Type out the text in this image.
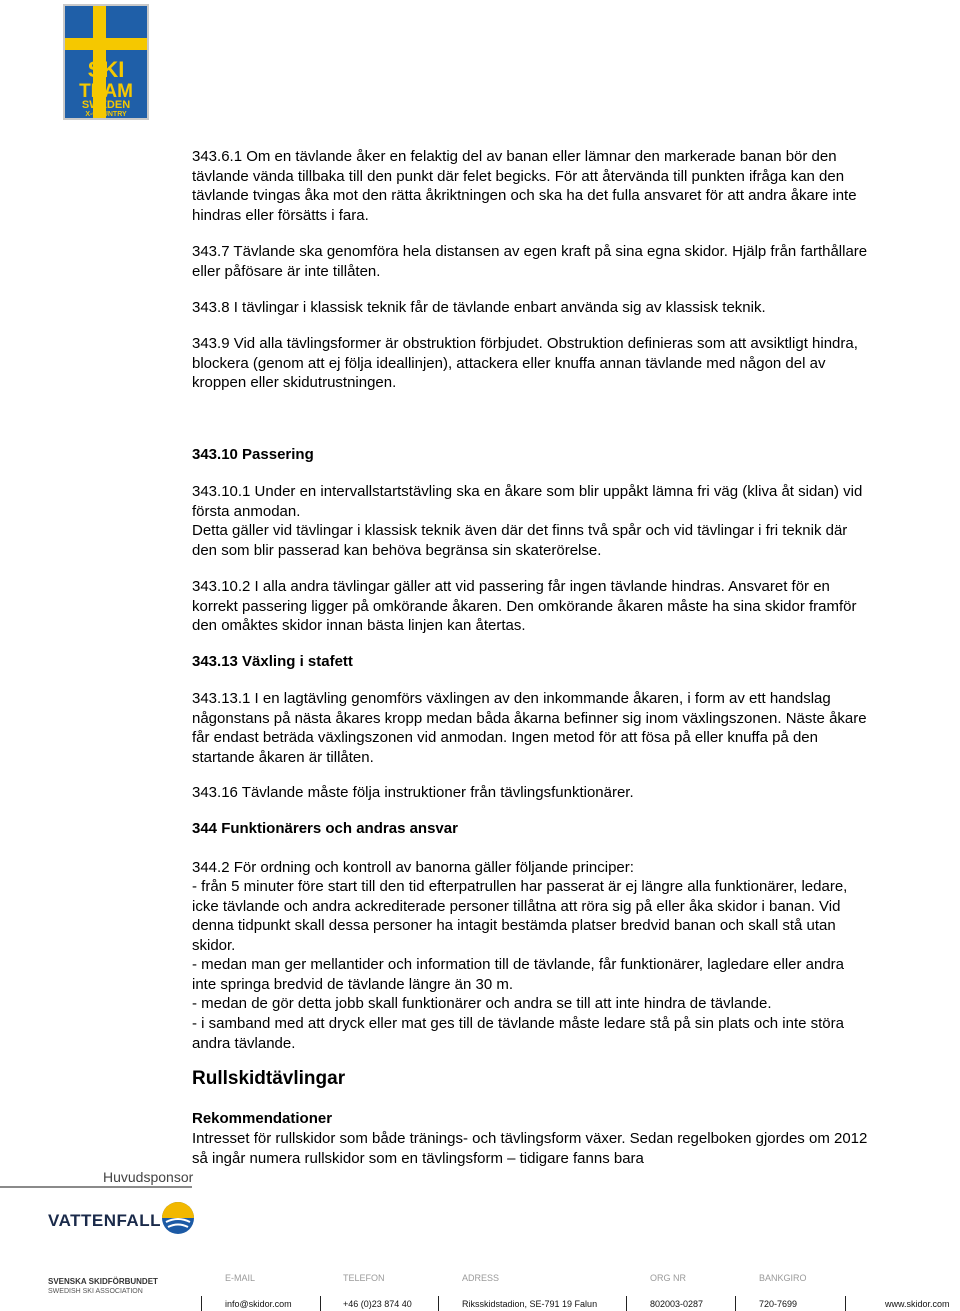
SKI
TEAM
SWEDEN
X-COUNTRY

343.6.1 Om en tävlande åker en felaktig del av banan eller lämnar den markerade banan bör den tävlande vända tillbaka till den punkt där felet begicks. För att återvända till punkten ifråga kan den tävlande tvingas åka mot den rätta åkriktningen och ska ha det fulla ansvaret för att andra åkare inte hindras eller försätts i fara.

343.7 Tävlande ska genomföra hela distansen av egen kraft på sina egna skidor. Hjälp från farthållare eller påfösare är inte tillåten.

343.8 I tävlingar i klassisk teknik får de tävlande enbart använda sig av klassisk teknik.

343.9 Vid alla tävlingsformer är obstruktion förbjudet. Obstruktion definieras som att avsiktligt hindra, blockera (genom att ej följa ideallinjen), attackera eller knuffa annan tävlande med någon del av kroppen eller skidutrustningen.

343.10 Passering

343.10.1 Under en intervallstartstävling ska en åkare som blir uppåkt lämna fri väg (kliva åt sidan) vid första anmodan.

Detta gäller vid tävlingar i klassisk teknik även där det finns två spår och vid tävlingar i fri teknik där den som blir passerad kan behöva begränsa sin skaterörelse.

343.10.2 I alla andra tävlingar gäller att vid passering får ingen tävlande hindras. Ansvaret för en korrekt passering ligger på omkörande åkaren. Den omkörande åkaren måste ha sina skidor framför den omåktes skidor innan bästa linjen kan återtas.

343.13 Växling i stafett

343.13.1 I en lagtävling genomförs växlingen av den inkommande åkaren, i form av ett handslag någonstans på nästa åkares kropp medan båda åkarna befinner sig inom växlingszonen. Näste åkare får endast beträda växlingszonen vid anmodan. Ingen metod för att fösa på eller knuffa på den startande åkaren är tillåten.

343.16 Tävlande måste följa instruktioner från tävlingsfunktionärer.

344 Funktionärers och andras ansvar

344.2 För ordning och kontroll av banorna gäller följande principer:

- från 5 minuter före start till den tid efterpatrullen har passerat är ej längre alla funktionärer, ledare, icke tävlande och andra ackrediterade personer tillåtna att röra sig på eller åka skidor i banan. Vid denna tidpunkt skall dessa personer ha intagit bestämda platser bredvid banan och skall stå utan skidor.

- medan man ger mellantider och information till de tävlande, får funktionärer, lagledare eller andra inte springa bredvid de tävlande längre än 30 m.

- medan de gör detta jobb skall funktionärer och andra se till att inte hindra de tävlande.

- i samband med att dryck eller mat ges till de tävlande måste ledare stå på sin plats och inte störa andra tävlande.

Rullskidtävlingar

Rekommendationer

Intresset för rullskidor som både tränings- och tävlingsform växer. Sedan regelboken gjordes om 2012 så ingår numera rullskidor som en tävlingsform – tidigare fanns bara

Huvudsponsor
VATTENFALL
SVENSKA SKIDFÖRBUNDET
SWEDISH SKI ASSOCIATION
E-MAIL	TELEFON	ADRESS	ORG NR	BANKGIRO
info@skidor.com	+46 (0)23 874 40	Riksskidstadion, SE-791 19 Falun	802003-0287	720-7699	www.skidor.com
